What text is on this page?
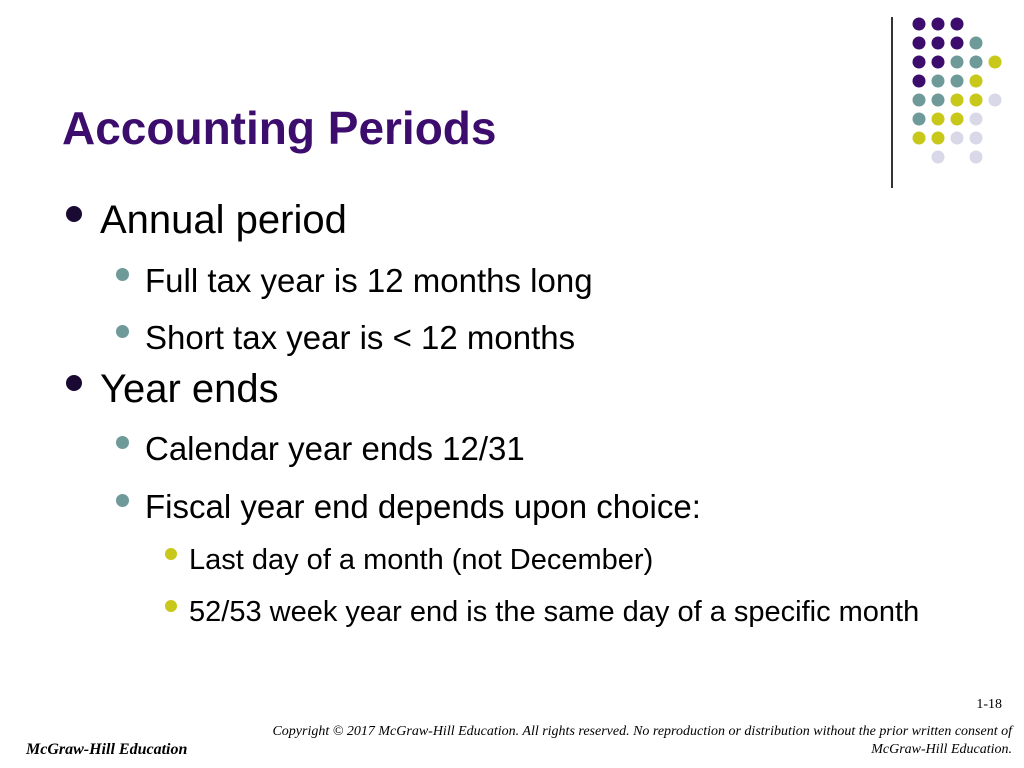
Accounting Periods
Annual period
Full tax year is 12 months long
Short tax year is < 12 months
Year ends
Calendar year ends 12/31
Fiscal year end depends upon choice:
Last day of a month (not December)
52/53 week year end is the same day of a specific month
1-18
Copyright © 2017 McGraw-Hill Education. All rights reserved. No reproduction or distribution without the prior written consent of McGraw-Hill Education.
McGraw-Hill Education
